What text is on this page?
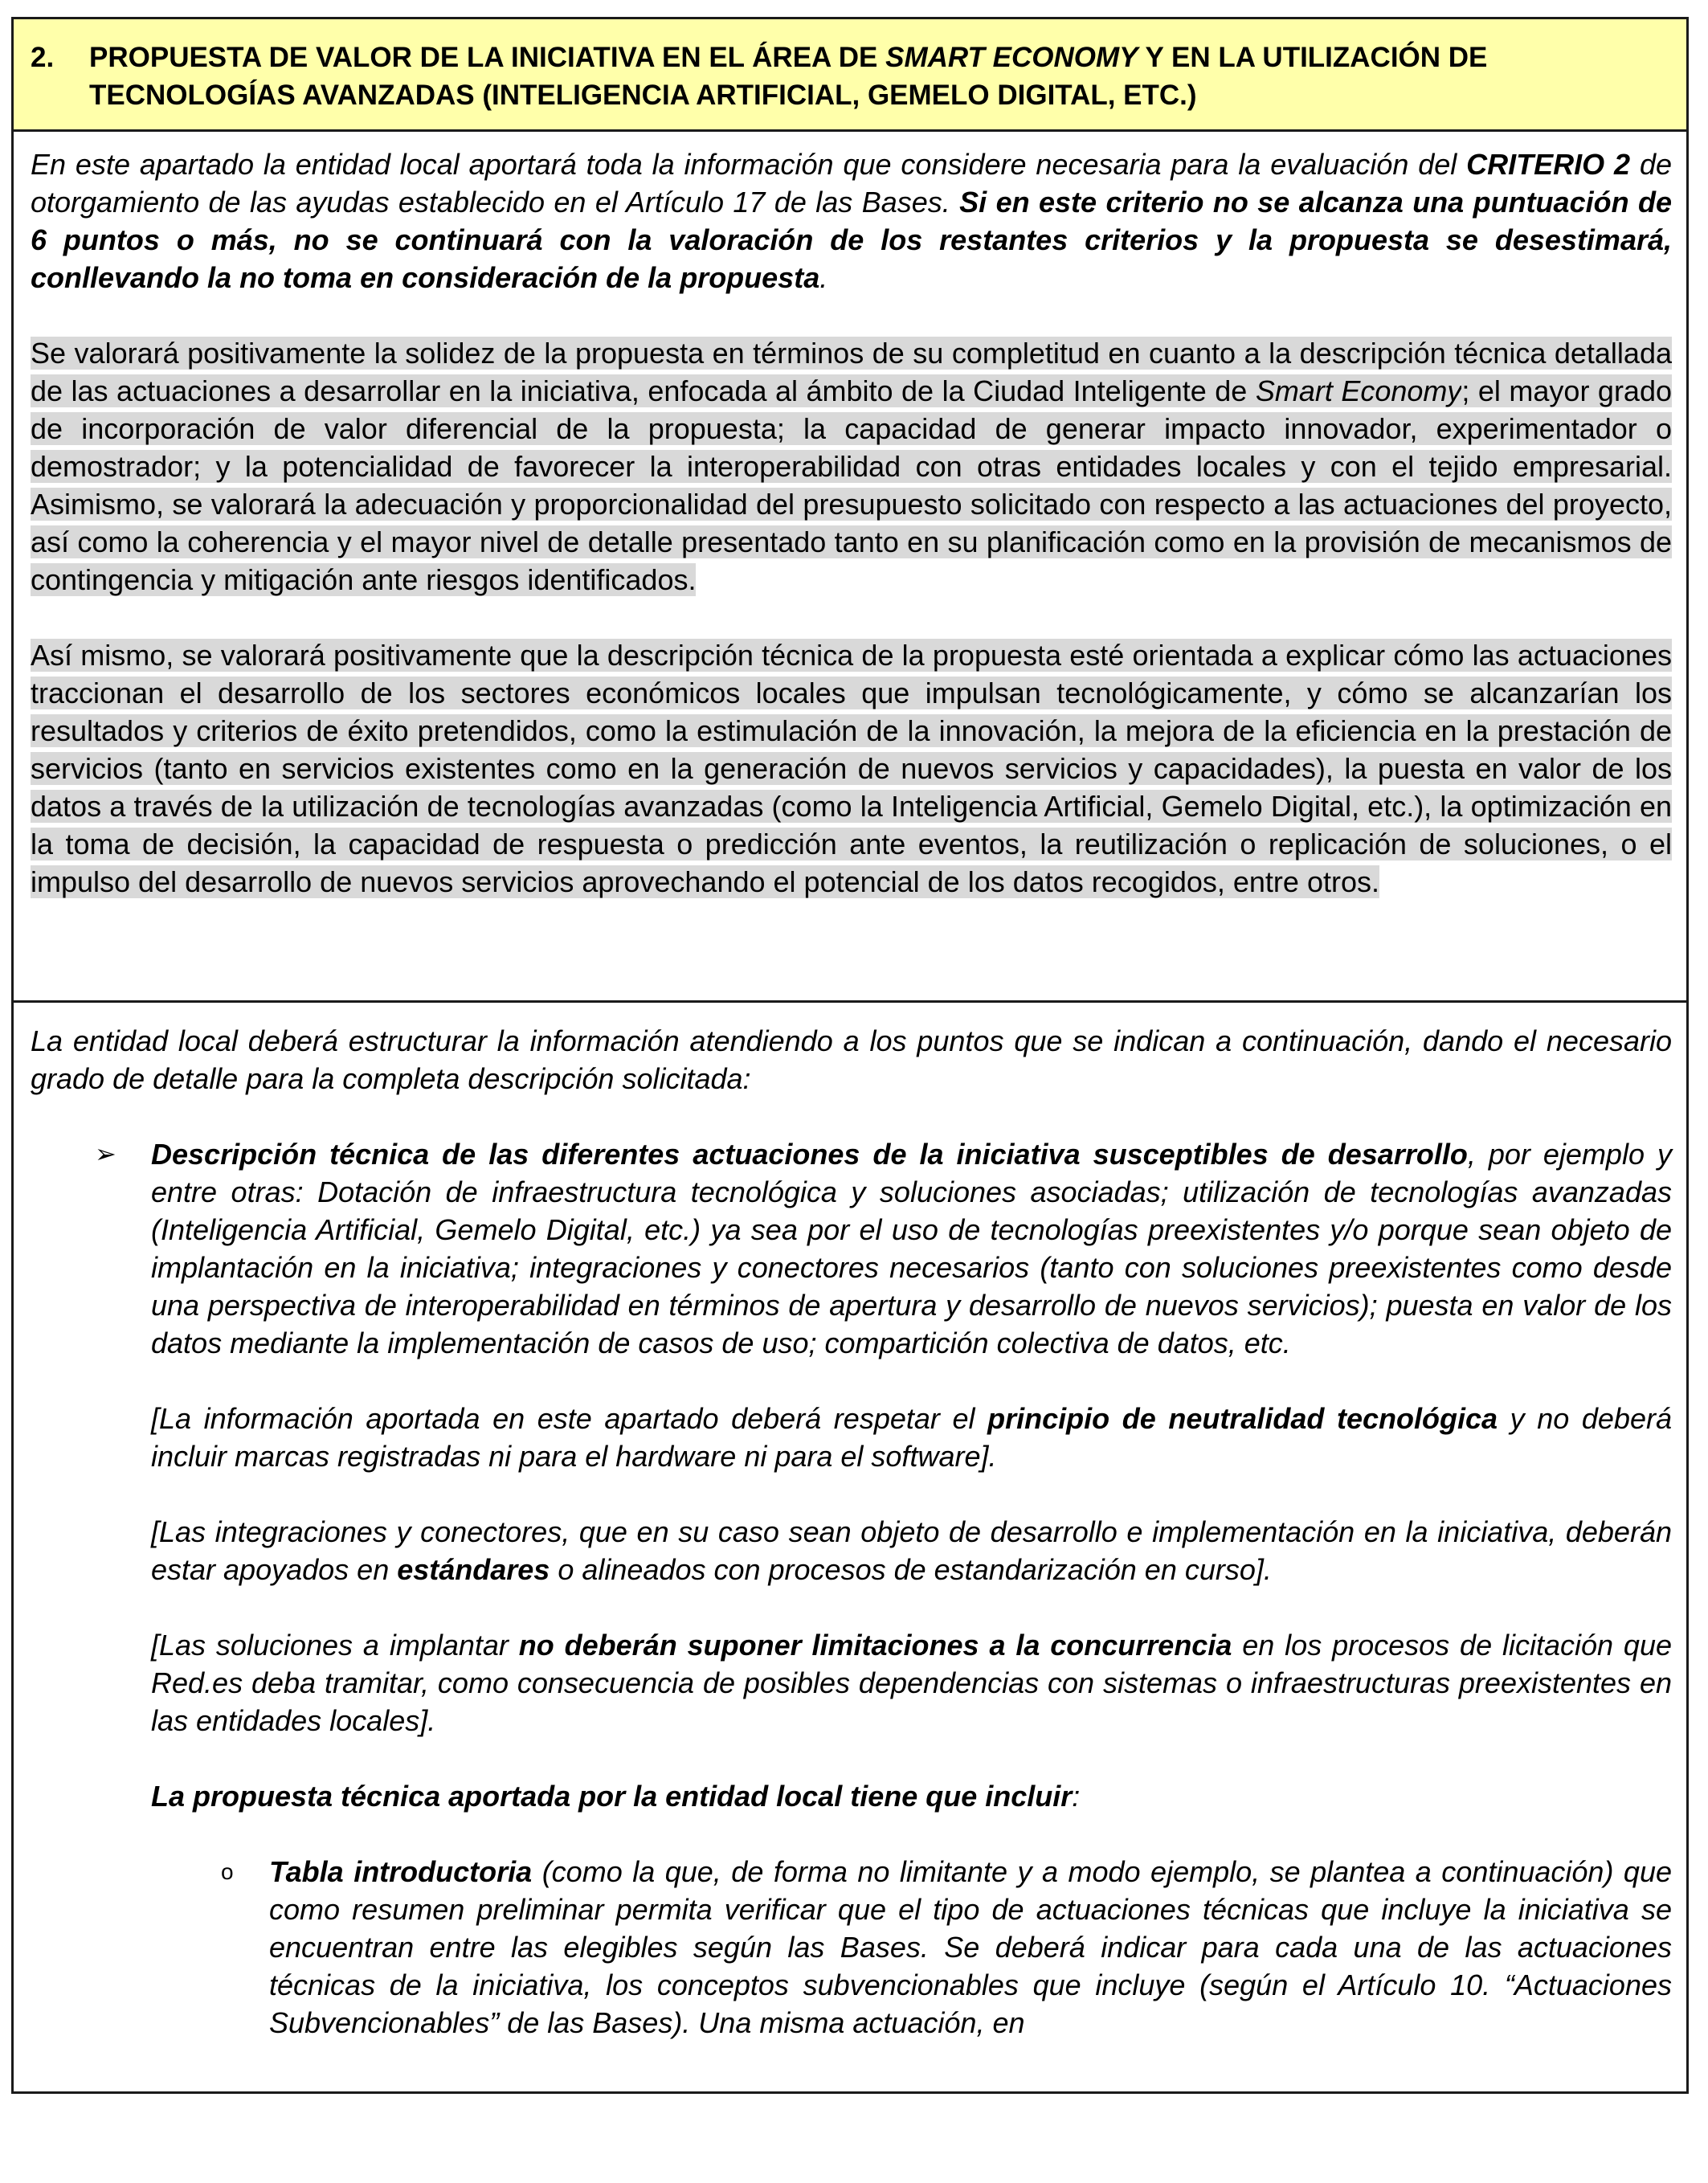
2. PROPUESTA DE VALOR DE LA INICIATIVA EN EL ÁREA DE SMART ECONOMY Y EN LA UTILIZACIÓN DE TECNOLOGÍAS AVANZADAS (INTELIGENCIA ARTIFICIAL, GEMELO DIGITAL, ETC.)

En este apartado la entidad local aportará toda la información que considere necesaria para la evaluación del CRITERIO 2 de otorgamiento de las ayudas establecido en el Artículo 17 de las Bases. Si en este criterio no se alcanza una puntuación de 6 puntos o más, no se continuará con la valoración de los restantes criterios y la propuesta se desestimará, conllevando la no toma en consideración de la propuesta.

Se valorará positivamente la solidez de la propuesta en términos de su completitud en cuanto a la descripción técnica detallada de las actuaciones a desarrollar en la iniciativa, enfocada al ámbito de la Ciudad Inteligente de Smart Economy; el mayor grado de incorporación de valor diferencial de la propuesta; la capacidad de generar impacto innovador, experimentador o demostrador; y la potencialidad de favorecer la interoperabilidad con otras entidades locales y con el tejido empresarial. Asimismo, se valorará la adecuación y proporcionalidad del presupuesto solicitado con respecto a las actuaciones del proyecto, así como la coherencia y el mayor nivel de detalle presentado tanto en su planificación como en la provisión de mecanismos de contingencia y mitigación ante riesgos identificados.

Así mismo, se valorará positivamente que la descripción técnica de la propuesta esté orientada a explicar cómo las actuaciones traccionan el desarrollo de los sectores económicos locales que impulsan tecnológicamente, y cómo se alcanzarían los resultados y criterios de éxito pretendidos, como la estimulación de la innovación, la mejora de la eficiencia en la prestación de servicios (tanto en servicios existentes como en la generación de nuevos servicios y capacidades), la puesta en valor de los datos a través de la utilización de tecnologías avanzadas (como la Inteligencia Artificial, Gemelo Digital, etc.), la optimización en la toma de decisión, la capacidad de respuesta o predicción ante eventos, la reutilización o replicación de soluciones, o el impulso del desarrollo de nuevos servicios aprovechando el potencial de los datos recogidos, entre otros.

La entidad local deberá estructurar la información atendiendo a los puntos que se indican a continuación, dando el necesario grado de detalle para la completa descripción solicitada:

➢ Descripción técnica de las diferentes actuaciones de la iniciativa susceptibles de desarrollo, por ejemplo y entre otras: Dotación de infraestructura tecnológica y soluciones asociadas; utilización de tecnologías avanzadas (Inteligencia Artificial, Gemelo Digital, etc.) ya sea por el uso de tecnologías preexistentes y/o porque sean objeto de implantación en la iniciativa; integraciones y conectores necesarios (tanto con soluciones preexistentes como desde una perspectiva de interoperabilidad en términos de apertura y desarrollo de nuevos servicios); puesta en valor de los datos mediante la implementación de casos de uso; compartición colectiva de datos, etc.

[La información aportada en este apartado deberá respetar el principio de neutralidad tecnológica y no deberá incluir marcas registradas ni para el hardware ni para el software].

[Las integraciones y conectores, que en su caso sean objeto de desarrollo e implementación en la iniciativa, deberán estar apoyados en estándares o alineados con procesos de estandarización en curso].

[Las soluciones a implantar no deberán suponer limitaciones a la concurrencia en los procesos de licitación que Red.es deba tramitar, como consecuencia de posibles dependencias con sistemas o infraestructuras preexistentes en las entidades locales].

La propuesta técnica aportada por la entidad local tiene que incluir:

o Tabla introductoria (como la que, de forma no limitante y a modo ejemplo, se plantea a continuación) que como resumen preliminar permita verificar que el tipo de actuaciones técnicas que incluye la iniciativa se encuentran entre las elegibles según las Bases. Se deberá indicar para cada una de las actuaciones técnicas de la iniciativa, los conceptos subvencionables que incluye (según el Artículo 10. “Actuaciones Subvencionables” de las Bases). Una misma actuación, en
